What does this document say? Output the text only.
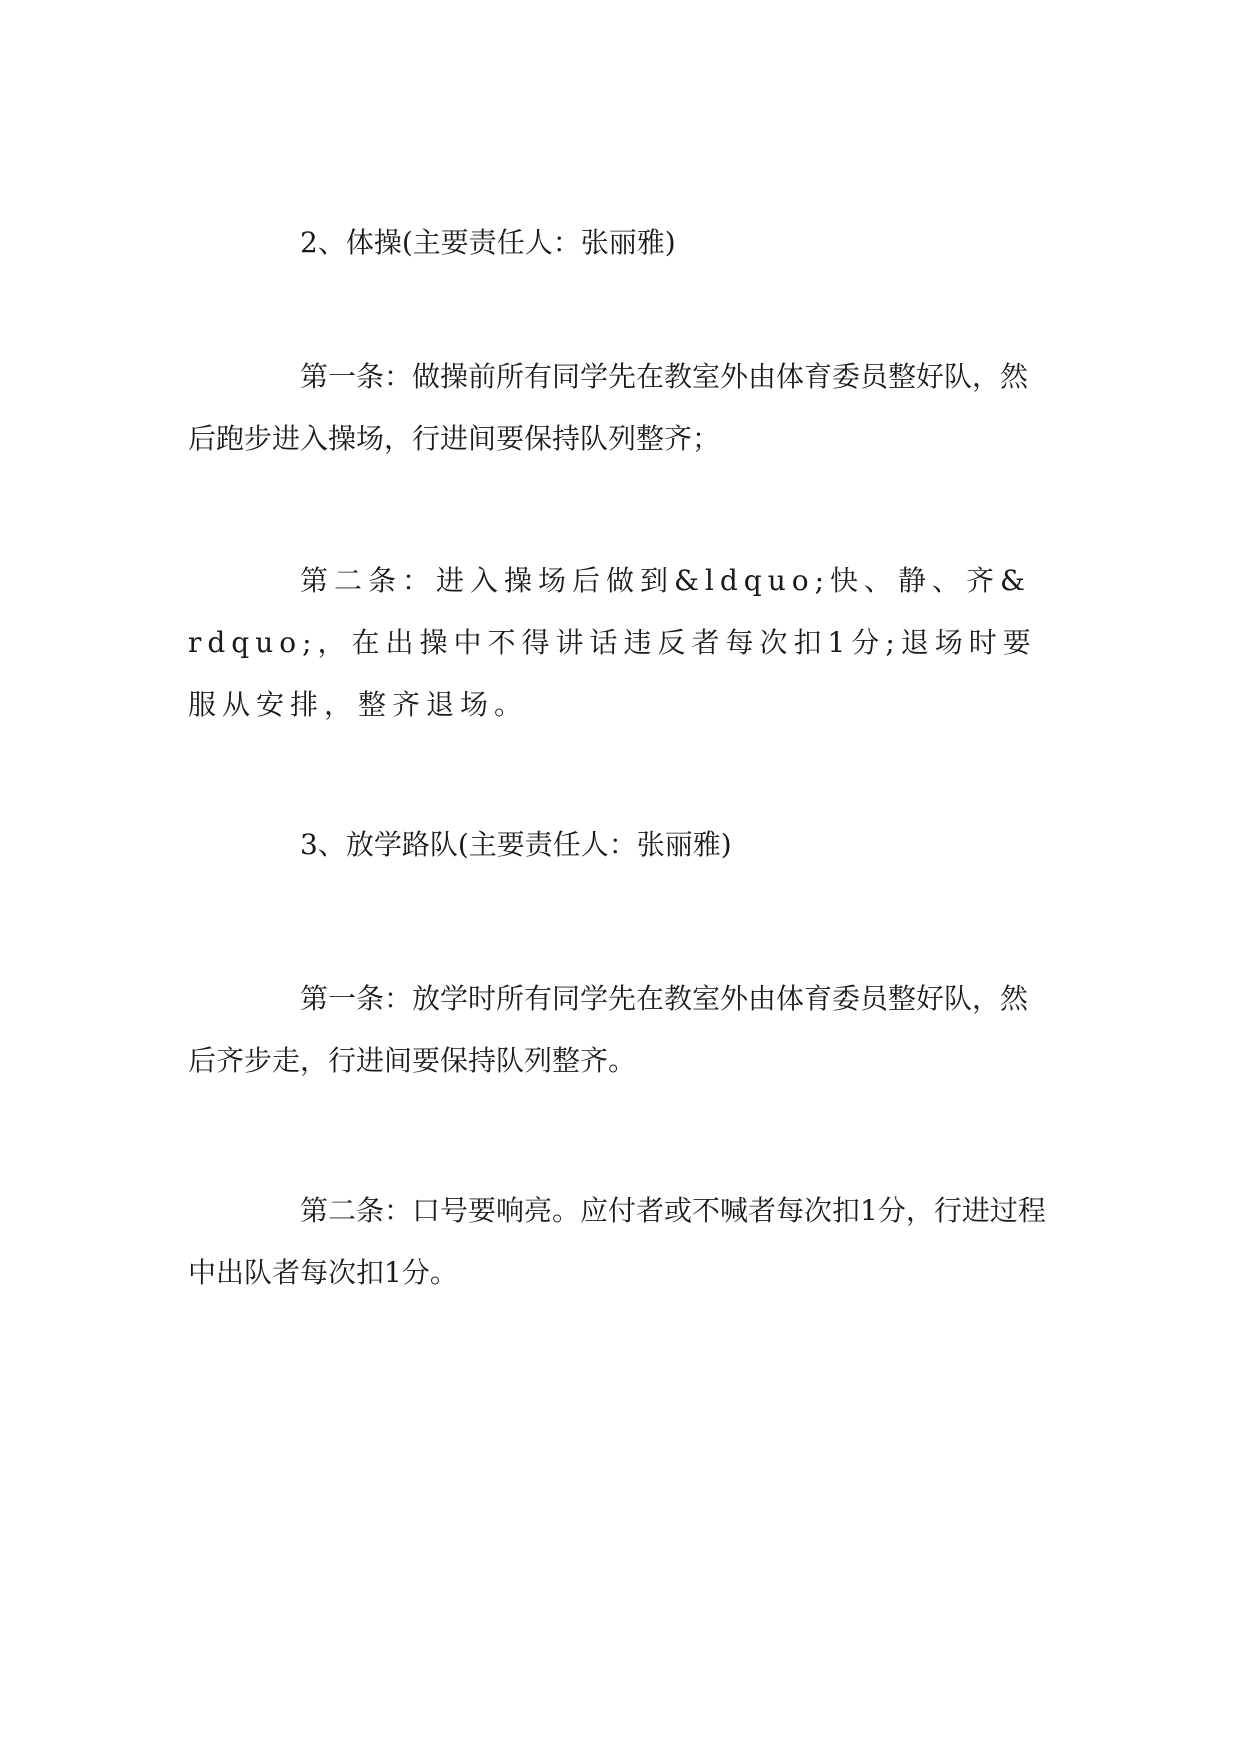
2、体操(主要责任人：张丽雅)

第一条：做操前所有同学先在教室外由体育委员整好队，然后跑步进入操场，行进间要保持队列整齐；

第二条：进入操场后做到&ldquo;快、静、齐&rdquo;，在出操中不得讲话违反者每次扣1分;退场时要服从安排，整齐退场。

3、放学路队(主要责任人：张丽雅)

第一条：放学时所有同学先在教室外由体育委员整好队，然后齐步走，行进间要保持队列整齐。

第二条：口号要响亮。应付者或不喊者每次扣1分，行进过程中出队者每次扣1分。
